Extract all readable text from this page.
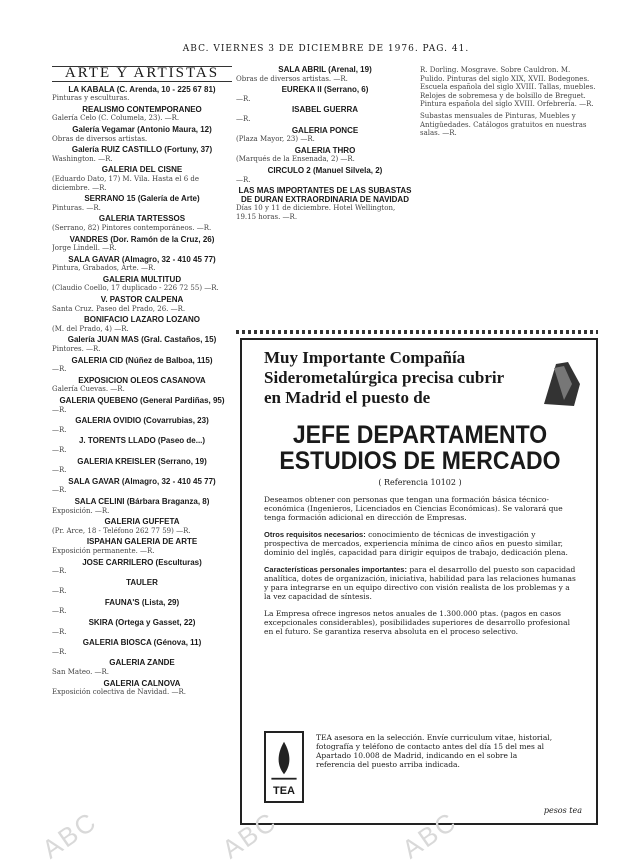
ABC. VIERNES 3 DE DICIEMBRE DE 1976. PAG. 41.
ARTE Y ARTISTAS
LA KABALA (C. Arenda, 10 - 225 67 81)
Pinturas y esculturas.
REALISMO CONTEMPORANEO
Galería Celo (C. Columela, 23). —R.
Galería Vegamar (Antonio Maura, 12)
Obras de diversos artistas.
Galería RUIZ CASTILLO (Fortuny, 37)
Washington. —R.
GALERIA DEL CISNE
(Eduardo Dato, 17) M. Vila. Hasta el 6 de diciembre. —R.
SERRANO 15 (Galería de Arte)
Pinturas. —R.
GALERIA TARTESSOS
(Serrano, 82) Pintores contemporáneos. —R.
VANDRES (Dor. Ramón de la Cruz, 26)
Jorge Lindell. —R.
SALA GAVAR (Almagro, 32 - 410 45 77)
Pintura, Grabados, Arte. —R.
GALERIA MULTITUD
(Claudio Coello, 17 duplicado - 226 72 55) —R.
V. PASTOR CALPENA
Santa Cruz. Paseo del Prado, 26. —R.
BONIFACIO LAZARO LOZANO
(M. del Prado, 4) —R.
Galería JUAN MAS (Gral. Castaños, 15)
Pintores. —R.
GALERIA CID (Núñez de Balboa, 115)
—R.
EXPOSICION OLEOS CASANOVA
Galería Cuevas. —R.
GALERIA QUEBENO (General Pardiñas, 95)
—R.
GALERIA OVIDIO (Covarrubias, 23)
—R.
J. TORENTS LLADO (Paseo de...)
—R.
GALERIA KREISLER (Serrano, 19)
—R.
SALA GAVAR (Almagro, 32 - 410 45 77)
—R.
SALA CELINI (Bárbara Braganza, 8)
Exposición. —R.
GALERIA GUFFETA
(Pr. Arce, 18 - Teléfono 262 77 59) —R.
ISPAHAN GALERIA DE ARTE
Exposición permanente. —R.
JOSE CARRILERO (Esculturas)
—R.
TAULER
—R.
FAUNA'S (Lista, 29)
—R.
SKIRA (Ortega y Gasset, 22)
—R.
GALERIA BIOSCA (Génova, 11)
—R.
GALERIA ZANDE
San Mateo. —R.
GALERIA CALNOVA
Exposición colectiva de Navidad. —R.
SALA ABRIL (Arenal, 19)
Obras de diversos artistas. —R.
EUREKA II (Serrano, 6)
—R.
ISABEL GUERRA
—R.
GALERIA PONCE
(Plaza Mayor, 23) —R.
GALERIA THRO
(Marqués de la Ensenada, 2) —R.
CIRCULO 2 (Manuel Silvela, 2)
—R.
LAS MAS IMPORTANTES DE LAS SUBASTAS DE DURAN EXTRAORDINARIA DE NAVIDAD
Días 10 y 11 de diciembre. Hotel Wellington, 19.15 horas. —R.
R. Dorling. Mosgrave. Sobre Cauldron. M. Pulido. Pinturas del siglo XIX, XVII. Bodegones. Escuela española del siglo XVIII. Tallas, muebles. Relojes de sobremesa y de bolsillo de Breguet. Pintura española del siglo XVIII. Orfebrería. —R.
Subastas mensuales de Pinturas, Muebles y Antigüedades. Catálogos gratuitos en nuestras salas. —R.
Muy Importante Compañía Siderometalúrgica precisa cubrir en Madrid el puesto de
JEFE DEPARTAMENTO
ESTUDIOS DE MERCADO
( Referencia 10102 )
Deseamos obtener con personas que tengan una formación básica técnico-económica (Ingenieros, Licenciados en Ciencias Económicas). Se valorará que tenga formación adicional en dirección de Empresas.
Otros requisitos necesarios: conocimiento de técnicas de investigación y prospectiva de mercados, experiencia mínima de cinco años en puesto similar, dominio del inglés, capacidad para dirigir equipos de trabajo, dedicación plena.
Características personales importantes: para el desarrollo del puesto son capacidad analítica, dotes de organización, iniciativa, habilidad para las relaciones humanas y para integrarse en un equipo directivo con visión realista de los problemas y a la vez capacidad de síntesis.
La Empresa ofrece ingresos netos anuales de 1.300.000 ptas. (pagos en casos excepcionales considerables), posibilidades superiores de desarrollo profesional en el futuro. Se garantiza reserva absoluta en el proceso selectivo.
TEA
TEA asesora en la selección. Envíe curriculum vitae, historial, fotografía y teléfono de contacto antes del día 15 del mes al Apartado 10.008 de Madrid, indicando en el sobre la referencia del puesto arriba indicada.
pesos tea
ABC	ABC	ABC
